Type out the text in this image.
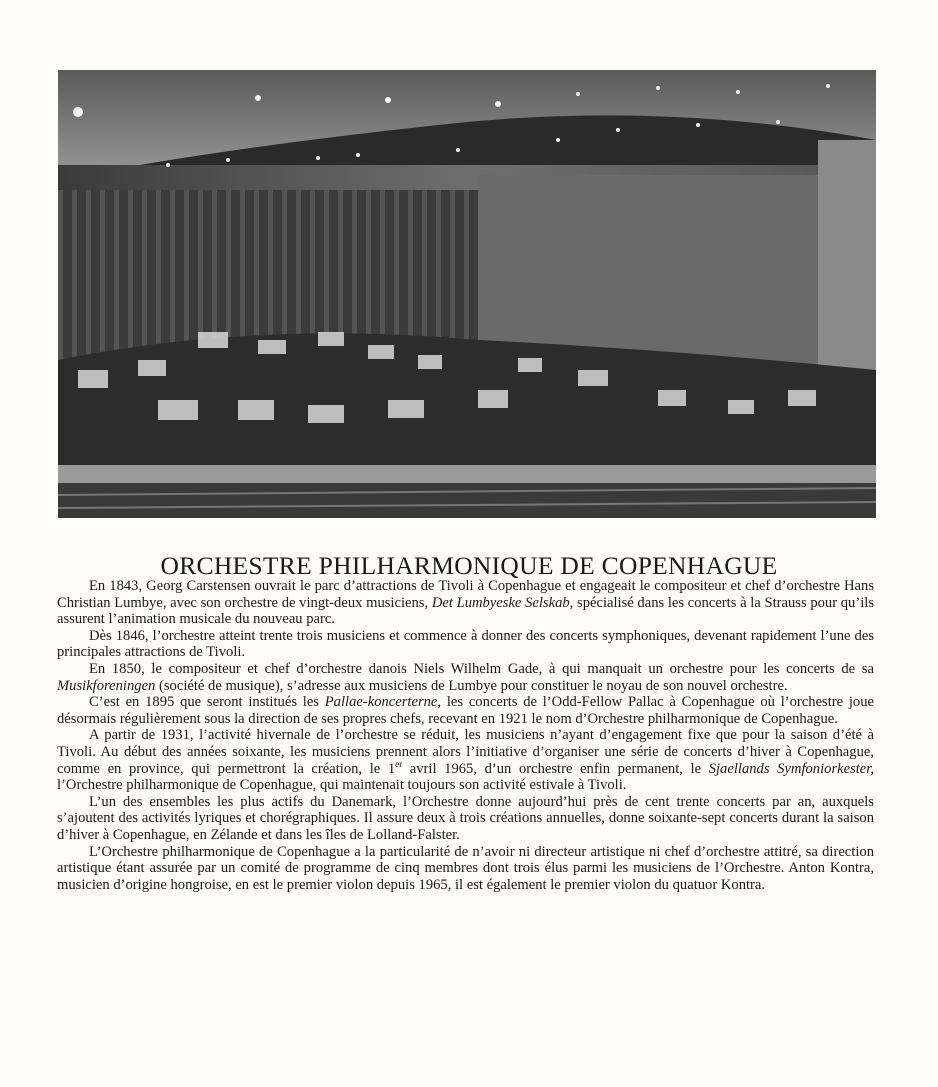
ORCHESTRE PHILHARMONIQUE DE COPENHAGUE

En 1843, Georg Carstensen ouvrait le parc d’attractions de Tivoli à Copenhague et engageait le compositeur et chef d’orchestre Hans Christian Lumbye, avec son orchestre de vingt-deux musiciens, Det Lumbyeske Selskab, spécialisé dans les concerts à la Strauss pour qu’ils assurent l’animation musicale du nouveau parc.

Dès 1846, l’orchestre atteint trente trois musiciens et commence à donner des concerts symphoniques, devenant rapidement l’une des principales attractions de Tivoli.

En 1850, le compositeur et chef d’orchestre danois Niels Wilhelm Gade, à qui manquait un orchestre pour les concerts de sa Musikforeningen (société de musique), s’adresse aux musiciens de Lumbye pour constituer le noyau de son nouvel orchestre.

C’est en 1895 que seront institués les Pallae-koncerterne, les concerts de l’Odd-Fellow Pallac à Copenhague où l’orchestre joue désormais régulièrement sous la direction de ses propres chefs, recevant en 1921 le nom d’Orchestre philharmonique de Copenhague.

A partir de 1931, l’activité hivernale de l’orchestre se réduit, les musiciens n’ayant d’engagement fixe que pour la saison d’été à Tivoli. Au début des années soixante, les musiciens prennent alors l’initiative d’organiser une série de concerts d’hiver à Copenhague, comme en province, qui permettront la création, le 1er avril 1965, d’un orchestre enfin permanent, le Sjaellands Symfoniorkester, l’Orchestre philharmonique de Copenhague, qui maintenait toujours son activité estivale à Tivoli.

L’un des ensembles les plus actifs du Danemark, l’Orchestre donne aujourd’hui près de cent trente concerts par an, auxquels s’ajoutent des activités lyriques et chorégraphiques. Il assure deux à trois créations annuelles, donne soixante-sept concerts durant la saison d’hiver à Copenhague, en Zélande et dans les îles de Lolland-Falster.

L’Orchestre philharmonique de Copenhague a la particularité de n’avoir ni directeur artistique ni chef d’orchestre attitré, sa direction artistique étant assurée par un comité de programme de cinq membres dont trois élus parmi les musiciens de l’Orchestre. Anton Kontra, musicien d’origine hongroise, en est le premier violon depuis 1965, il est également le premier violon du quatuor Kontra.
